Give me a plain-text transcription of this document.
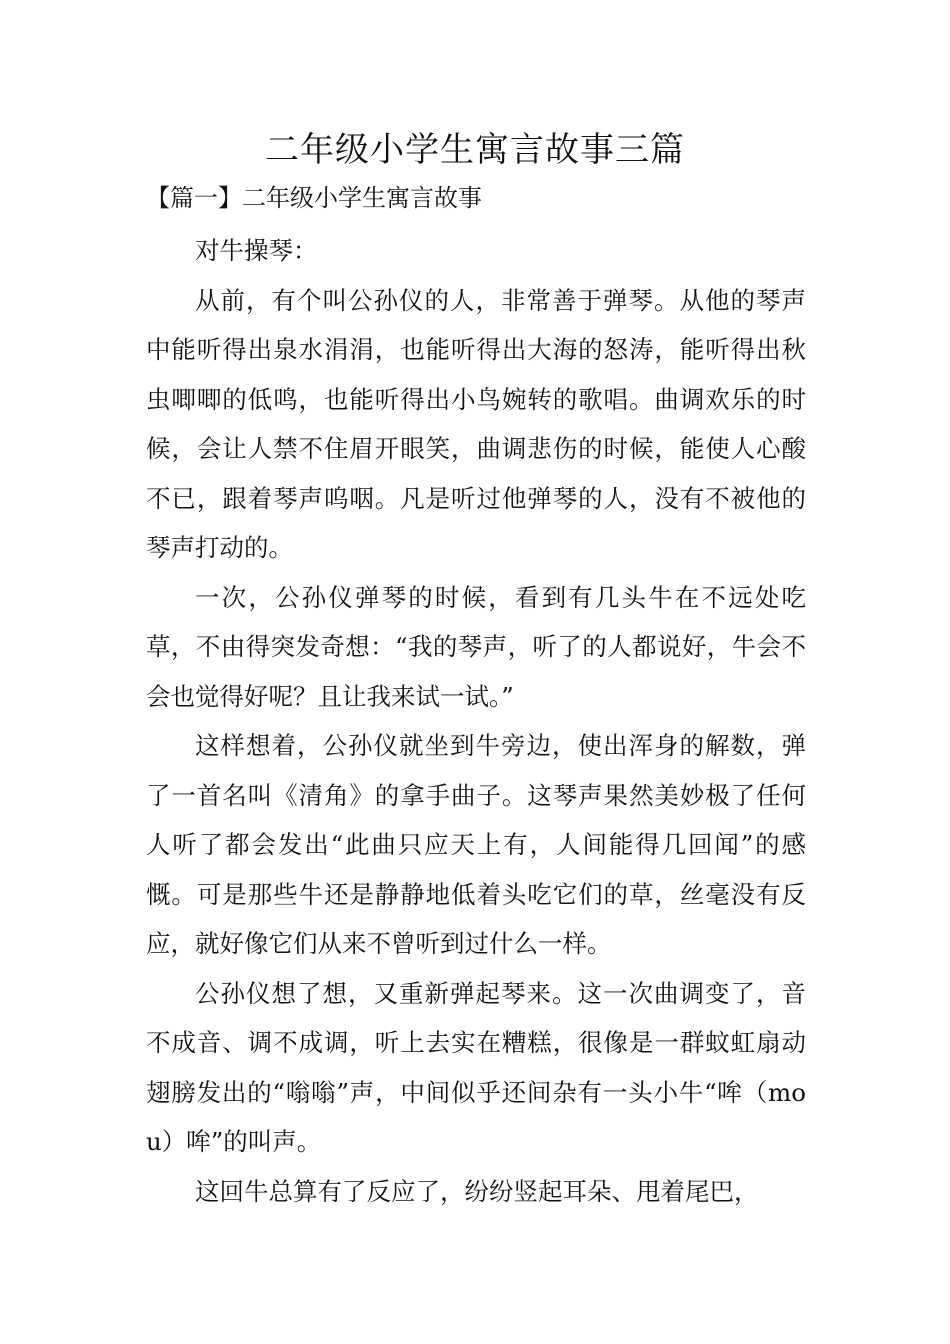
二年级小学生寓言故事三篇
【篇一】二年级小学生寓言故事

对牛操琴：

从前，有个叫公孙仪的人，非常善于弹琴。从他的琴声中能听得出泉水涓涓，也能听得出大海的怒涛，能听得出秋虫唧唧的低鸣，也能听得出小鸟婉转的歌唱。曲调欢乐的时候，会让人禁不住眉开眼笑，曲调悲伤的时候，能使人心酸不已，跟着琴声呜咽。凡是听过他弹琴的人，没有不被他的琴声打动的。

一次，公孙仪弹琴的时候，看到有几头牛在不远处吃草，不由得突发奇想：“我的琴声，听了的人都说好，牛会不会也觉得好呢？且让我来试一试。”

这样想着，公孙仪就坐到牛旁边，使出浑身的解数，弹了一首名叫《清角》的拿手曲子。这琴声果然美妙极了任何人听了都会发出“此曲只应天上有，人间能得几回闻”的感慨。可是那些牛还是静静地低着头吃它们的草，丝毫没有反应，就好像它们从来不曾听到过什么一样。

公孙仪想了想，又重新弹起琴来。这一次曲调变了，音不成音、调不成调，听上去实在糟糕，很像是一群蚊虹扇动翅膀发出的“嗡嗡”声，中间似乎还间杂有一头小牛“哞（mou）哞”的叫声。

这回牛总算有了反应了，纷纷竖起耳朵、甩着尾巴，
